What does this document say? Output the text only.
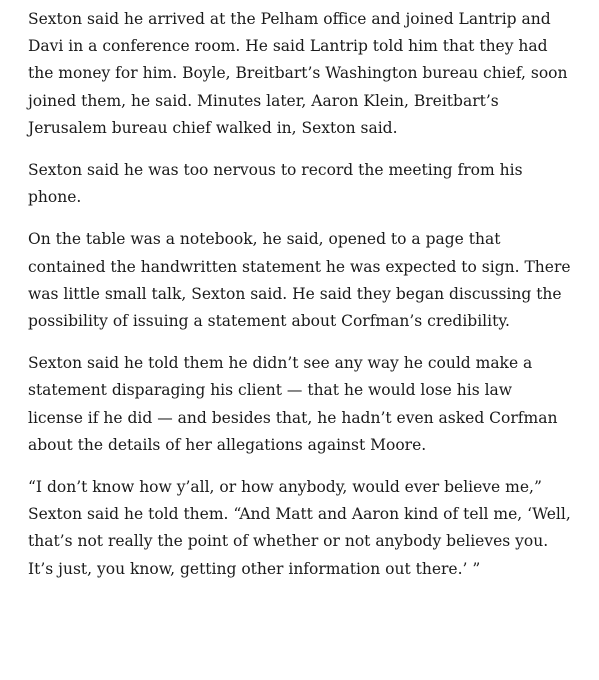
Sexton said he arrived at the Pelham office and joined Lantrip and Davi in a conference room. He said Lantrip told him that they had the money for him. Boyle, Breitbart’s Washington bureau chief, soon joined them, he said. Minutes later, Aaron Klein, Breitbart’s Jerusalem bureau chief walked in, Sexton said.

Sexton said he was too nervous to record the meeting from his phone.

On the table was a notebook, he said, opened to a page that contained the handwritten statement he was expected to sign. There was little small talk, Sexton said. He said they began discussing the possibility of issuing a statement about Corfman’s credibility.

Sexton said he told them he didn’t see any way he could make a statement disparaging his client — that he would lose his law license if he did — and besides that, he hadn’t even asked Corfman about the details of her allegations against Moore.

“I don’t know how y’all, or how anybody, would ever believe me,” Sexton said he told them. “And Matt and Aaron kind of tell me, ‘Well, that’s not really the point of whether or not anybody believes you. It’s just, you know, getting other information out there.’ ”
